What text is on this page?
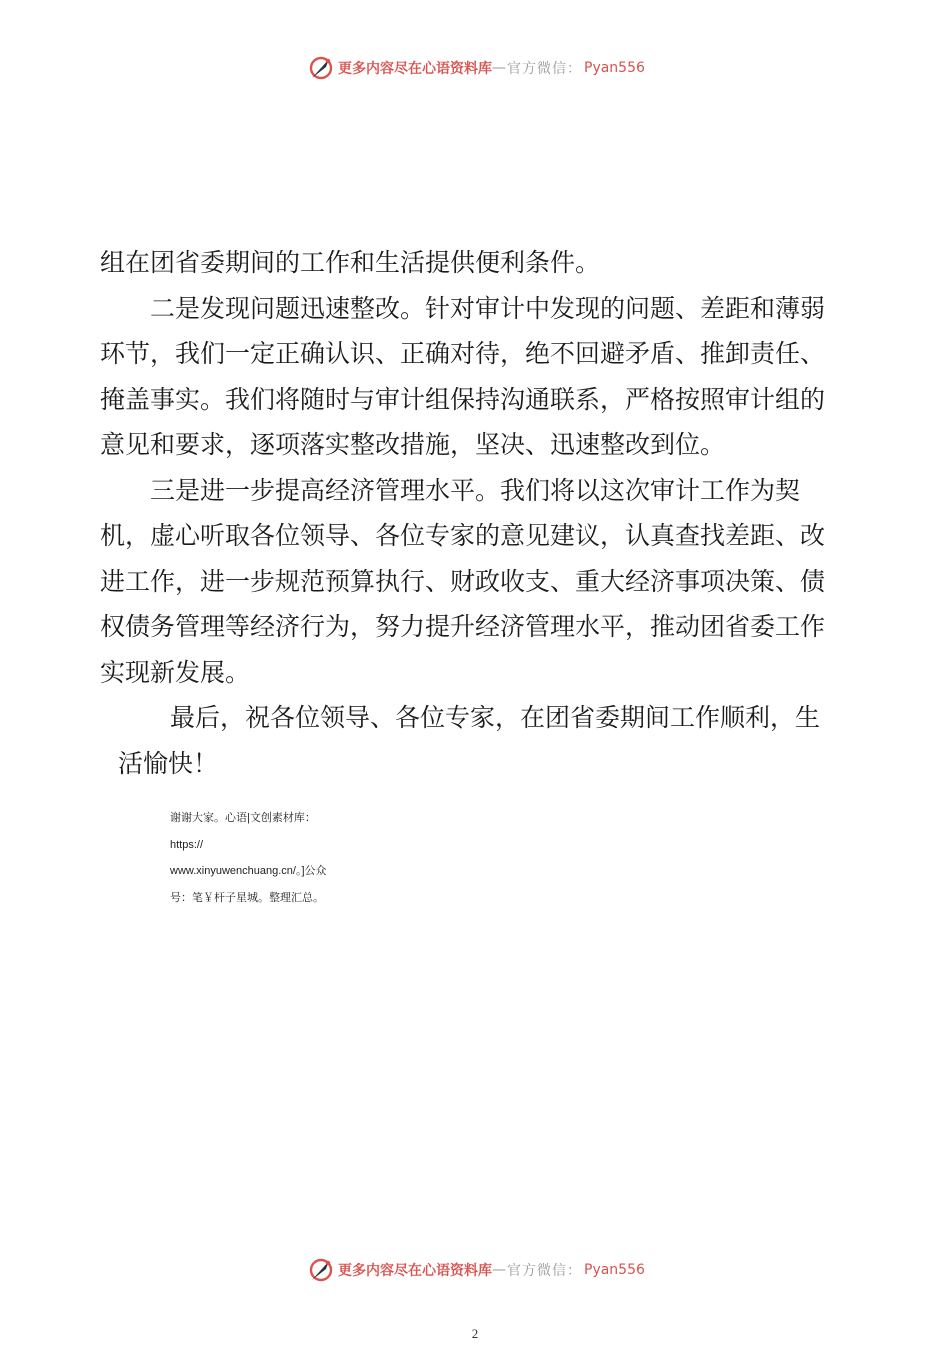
更多内容尽在心语资料库 — 官方微信： Pyan556

组在团省委期间的工作和生活提供便利条件。

二是发现问题迅速整改。针对审计中发现的问题、差距和薄弱环节，我们一定正确认识、正确对待，绝不回避矛盾、推卸责任、掩盖事实。我们将随时与审计组保持沟通联系，严格按照审计组的意见和要求，逐项落实整改措施，坚决、迅速整改到位。

三是进一步提高经济管理水平。我们将以这次审计工作为契机，虚心听取各位领导、各位专家的意见建议，认真查找差距、改进工作，进一步规范预算执行、财政收支、重大经济事项决策、债权债务管理等经济行为，努力提升经济管理水平，推动团省委工作实现新发展。

最后，祝各位领导、各位专家，在团省委期间工作顺利，生

活愉快！

谢谢大家。心语|文创素材库：
https://
www.xinyuwenchuang.cn/。]公众
号：笔￥杆子星城。整理汇总。
更多内容尽在心语资料库 — 官方微信： Pyan556
2
